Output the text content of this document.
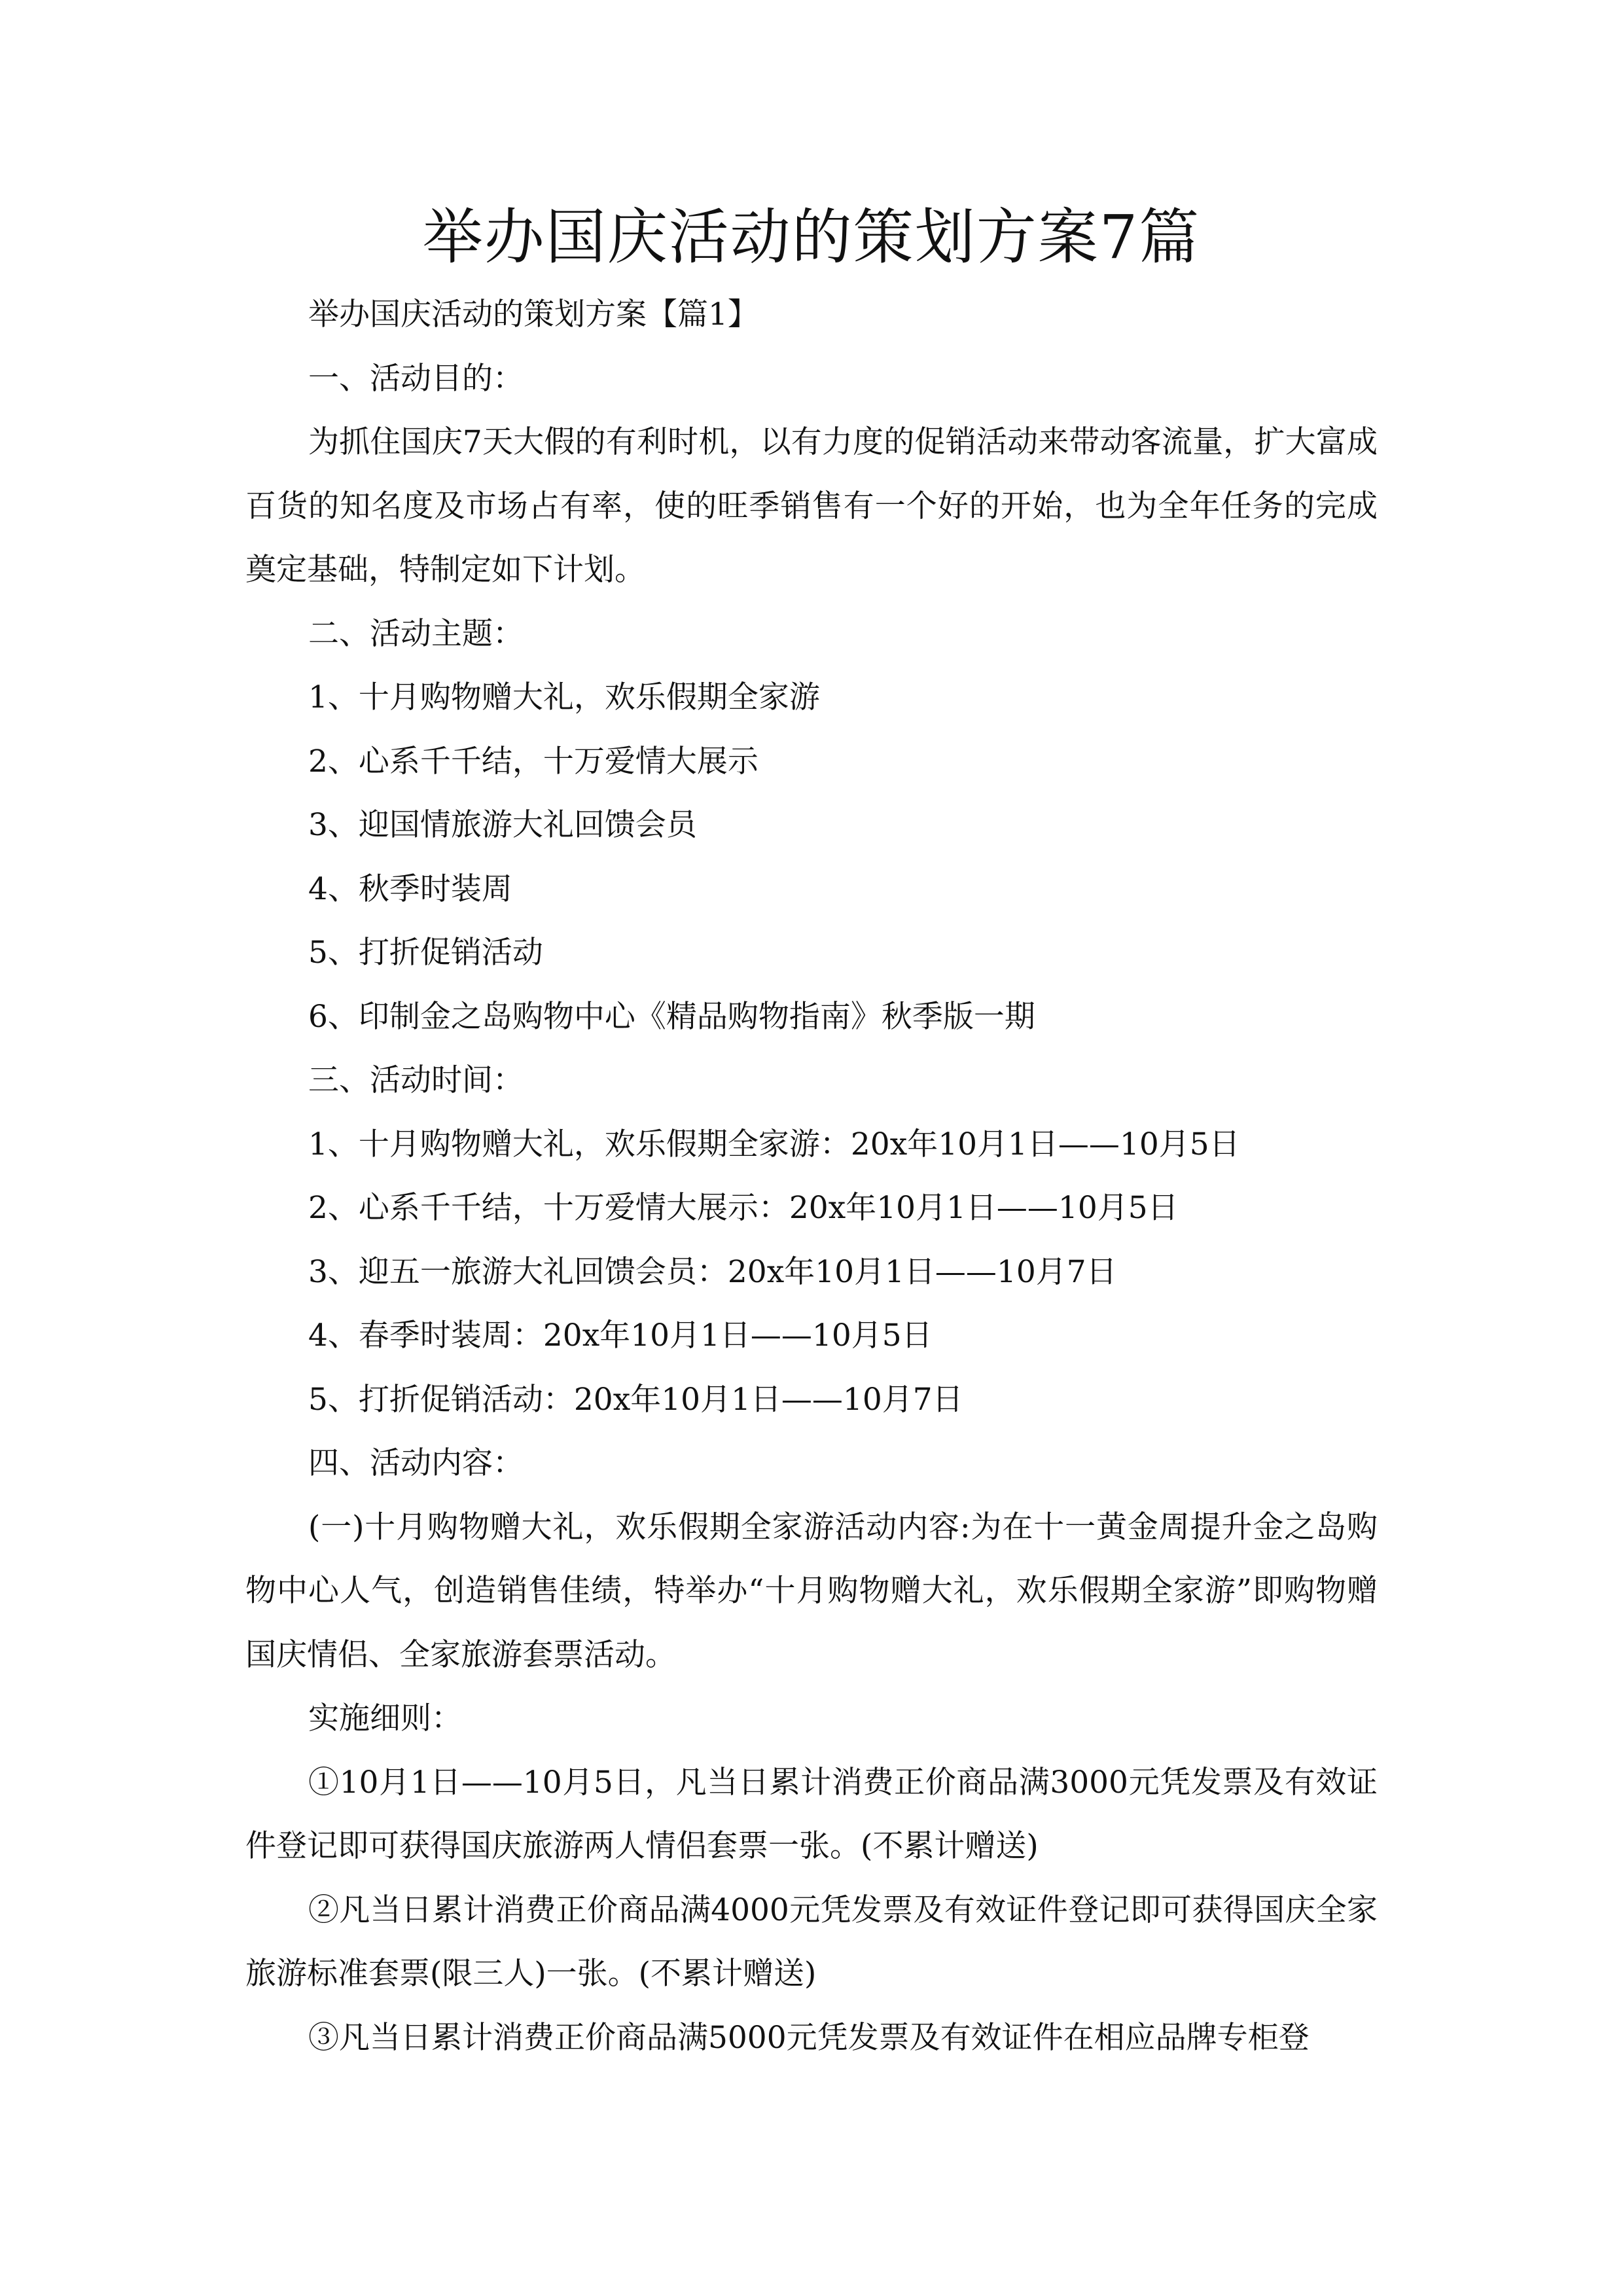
举办国庆活动的策划方案7篇

举办国庆活动的策划方案【篇1】

一、活动目的：

为抓住国庆7天大假的有利时机，以有力度的促销活动来带动客流量，扩大富成百货的知名度及市场占有率，使的旺季销售有一个好的开始，也为全年任务的完成奠定基础，特制定如下计划。

二、活动主题：

1、十月购物赠大礼，欢乐假期全家游

2、心系千千结，十万爱情大展示

3、迎国情旅游大礼回馈会员

4、秋季时装周

5、打折促销活动

6、印制金之岛购物中心《精品购物指南》秋季版一期

三、活动时间：

1、十月购物赠大礼，欢乐假期全家游：20x年10月1日——10月5日

2、心系千千结，十万爱情大展示：20x年10月1日——10月5日

3、迎五一旅游大礼回馈会员：20x年10月1日——10月7日

4、春季时装周：20x年10月1日——10月5日

5、打折促销活动：20x年10月1日——10月7日

四、活动内容：

(一)十月购物赠大礼，欢乐假期全家游活动内容:为在十一黄金周提升金之岛购物中心人气，创造销售佳绩，特举办“十月购物赠大礼，欢乐假期全家游”即购物赠国庆情侣、全家旅游套票活动。

实施细则：

①10月1日——10月5日，凡当日累计消费正价商品满3000元凭发票及有效证件登记即可获得国庆旅游两人情侣套票一张。(不累计赠送)

②凡当日累计消费正价商品满4000元凭发票及有效证件登记即可获得国庆全家旅游标准套票(限三人)一张。(不累计赠送)

③凡当日累计消费正价商品满5000元凭发票及有效证件在相应品牌专柜登
